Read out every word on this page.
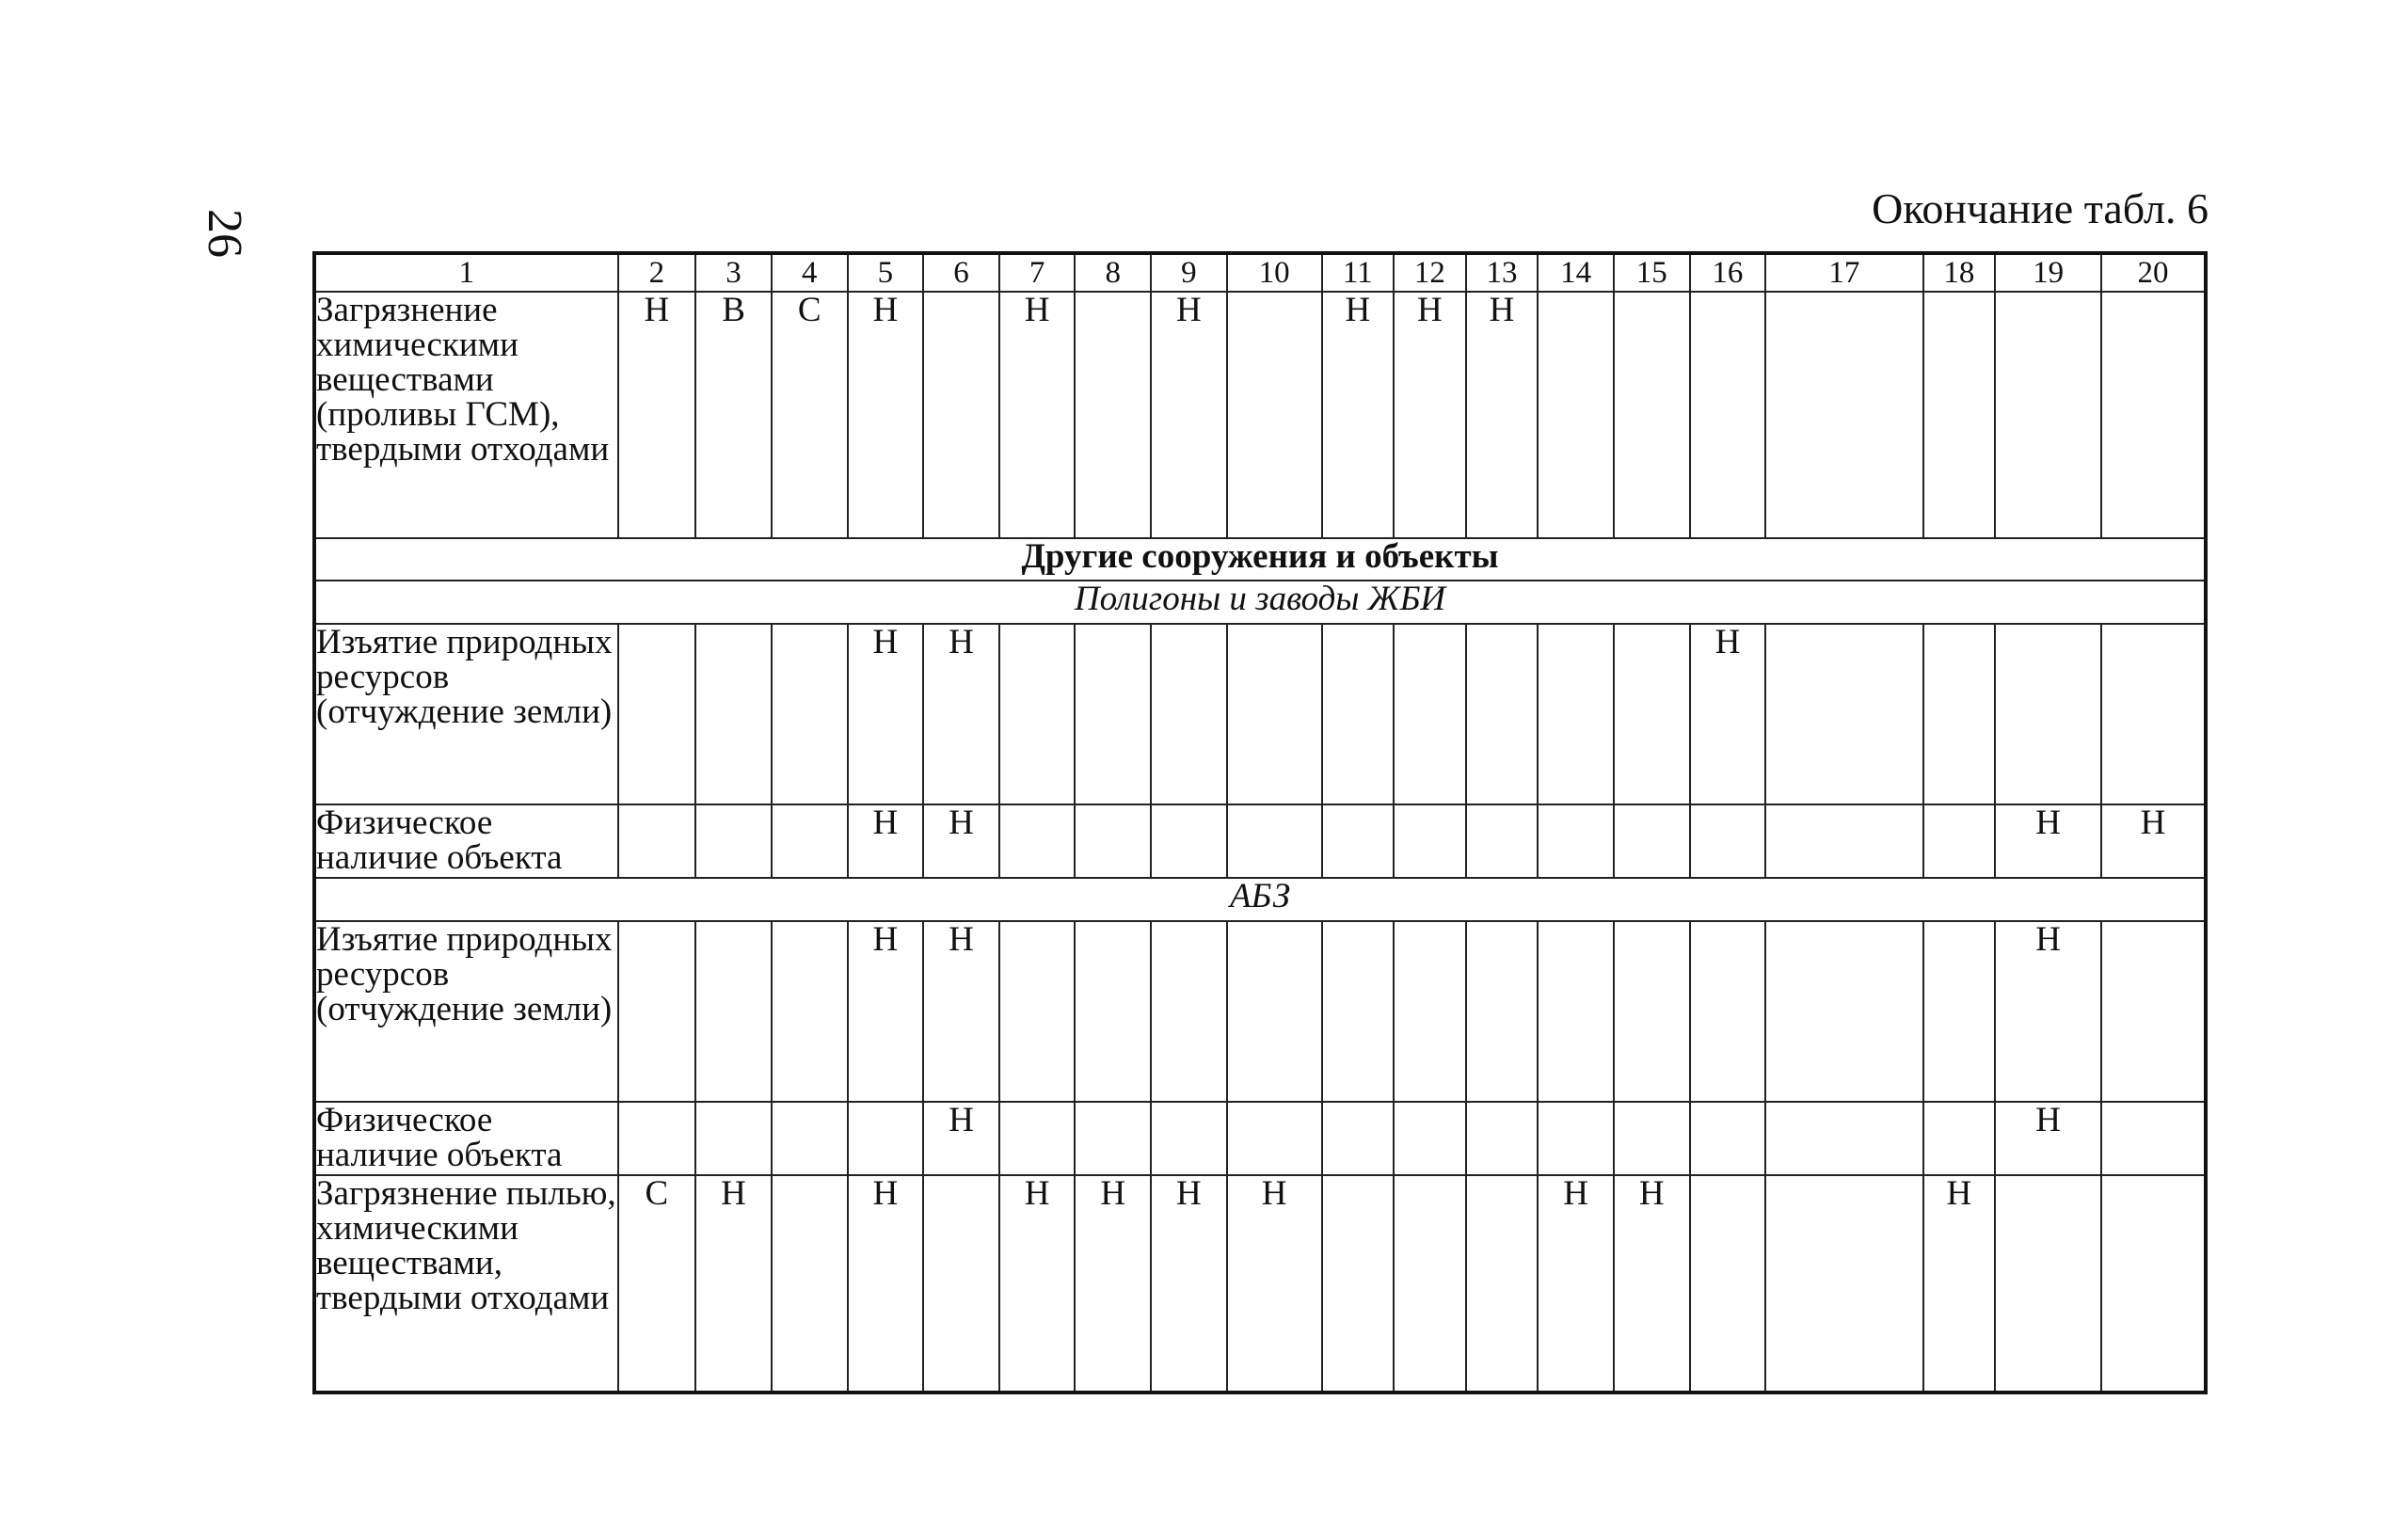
26
Окончание табл. 6
1	2	3	4	5	6	7	8	9	10	11	12	13	14	15	16	17	18	19	20
Загрязнение химическими веществами (проливы ГСМ), твердыми отходами	Н	В	С	Н		Н		Н		Н	Н	Н							
Другие сооружения и объекты																			
Полигоны и заводы ЖБИ																			
Изъятие природных ресурсов (отчуждение земли)				Н	Н										Н				
Физическое наличие объекта				Н	Н													Н	Н
АБЗ																			
Изъятие природных ресурсов (отчуждение земли)				Н	Н													Н	
Физическое наличие объекта					Н													Н	
Загрязнение пылью, химическими веществами, твердыми отходами	С	Н		Н		Н	Н	Н	Н				Н	Н			Н		
